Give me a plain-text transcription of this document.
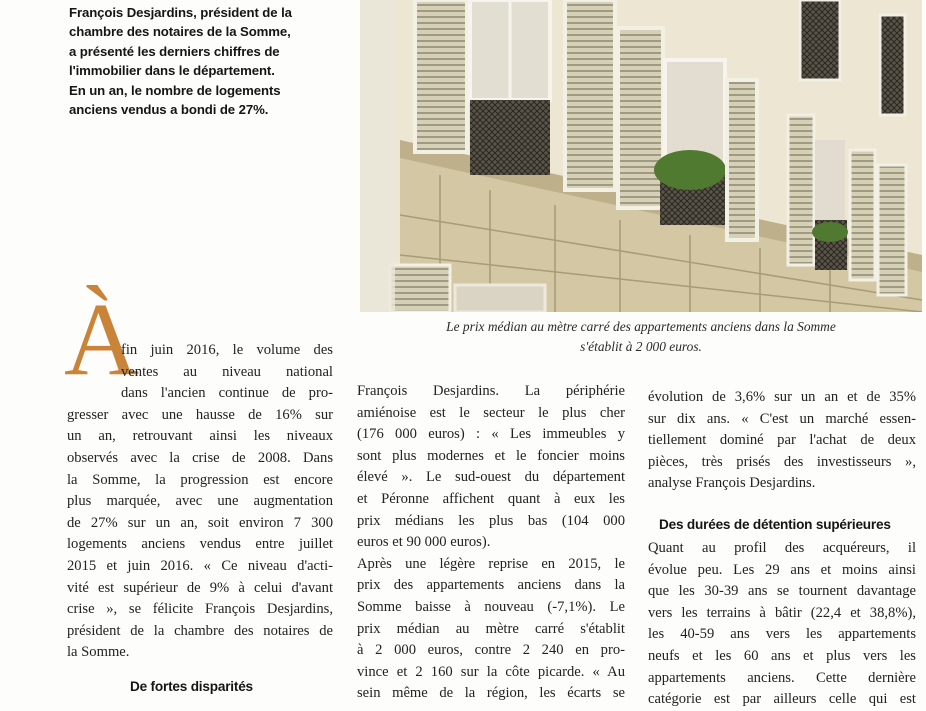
François Desjardins, président de la
chambre des notaires de la Somme,
a présenté les derniers chiffres de
l'immobilier dans le département.
En un an, le nombre de logements
anciens vendus a bondi de 27%.
Le prix médian au mètre carré des appartements anciens dans la Somme
s'établit à 2 000 euros.
À
fin juin 2016, le volume des
ventes au niveau national
dans l'ancien continue de pro-
gresser avec une hausse de 16% sur
un an, retrouvant ainsi les niveaux
observés avec la crise de 2008. Dans
la Somme, la progression est encore
plus marquée, avec une augmentation
de 27% sur un an, soit environ 7 300
logements anciens vendus entre juillet
2015 et juin 2016. « Ce niveau d'acti-
vité est supérieur de 9% à celui d'avant
crise », se félicite François Desjardins,
président de la chambre des notaires de
la Somme.
De fortes disparités
François Desjardins. La périphérie
amiénoise est le secteur le plus cher
(176 000 euros) : « Les immeubles y
sont plus modernes et le foncier moins
élevé ». Le sud-ouest du département
et Péronne affichent quant à eux les
prix médians les plus bas (104 000
euros et 90 000 euros).
Après une légère reprise en 2015, le
prix des appartements anciens dans la
Somme baisse à nouveau (-7,1%). Le
prix médian au mètre carré s'établit
à 2 000 euros, contre 2 240 en pro-
vince et 2 160 sur la côte picarde. « Au
sein même de la région, les écarts se
évolution de 3,6% sur un an et de 35%
sur dix ans. « C'est un marché essen-
tiellement dominé par l'achat de deux
pièces, très prisés des investisseurs »,
analyse François Desjardins.
Quant au profil des acquéreurs, il
évolue peu. Les 29 ans et moins ainsi
que les 30-39 ans se tournent davantage
vers les terrains à bâtir (22,4 et 38,8%),
les 40-59 ans vers les appartements
neufs et les 60 ans et plus vers les
appartements anciens. Cette dernière
catégorie est par ailleurs celle qui est
Des durées de détention supérieures
